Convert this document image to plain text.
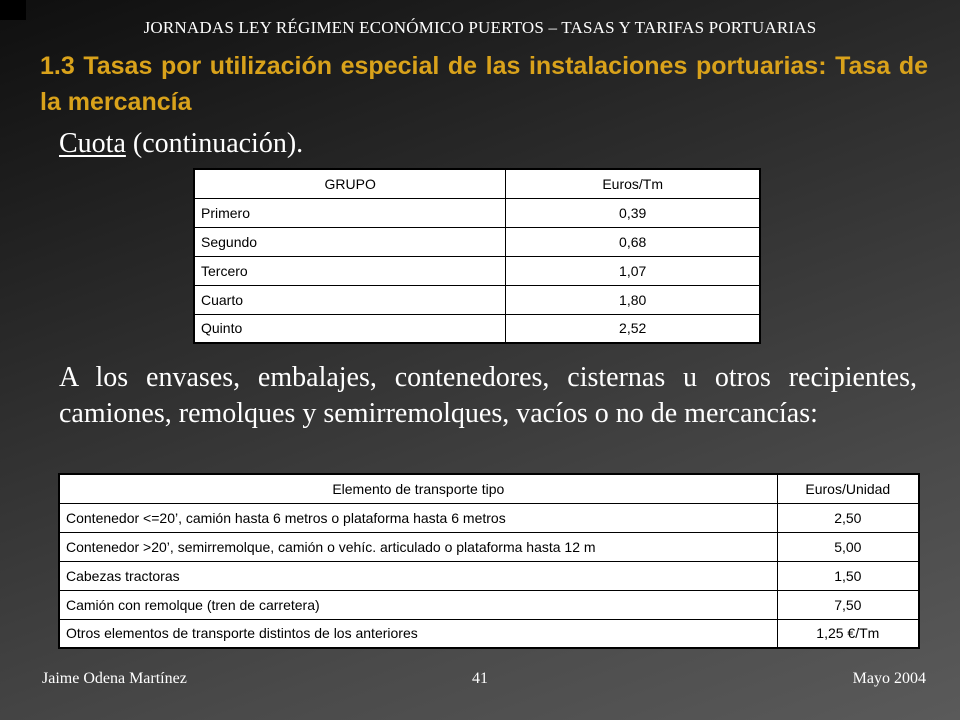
JORNADAS LEY RÉGIMEN ECONÓMICO PUERTOS – TASAS Y TARIFAS PORTUARIAS
1.3 Tasas por utilización especial de las instalaciones portuarias: Tasa de la mercancía
Cuota (continuación).
GRUPO	Euros/Tm
Primero	0,39
Segundo	0,68
Tercero	1,07
Cuarto	1,80
Quinto	2,52
A los envases, embalajes, contenedores, cisternas u otros recipientes, camiones, remolques y semirremolques, vacíos o no de mercancías:
Elemento de transporte tipo	Euros/Unidad
Contenedor <=20’, camión hasta 6 metros o plataforma hasta 6 metros	2,50
Contenedor >20’, semirremolque, camión o vehíc. articulado o plataforma hasta 12 m	5,00
Cabezas tractoras	1,50
Camión con remolque (tren de carretera)	7,50
Otros elementos de transporte distintos de los anteriores	1,25 €/Tm
Jaime Odena Martínez	41	Mayo 2004
